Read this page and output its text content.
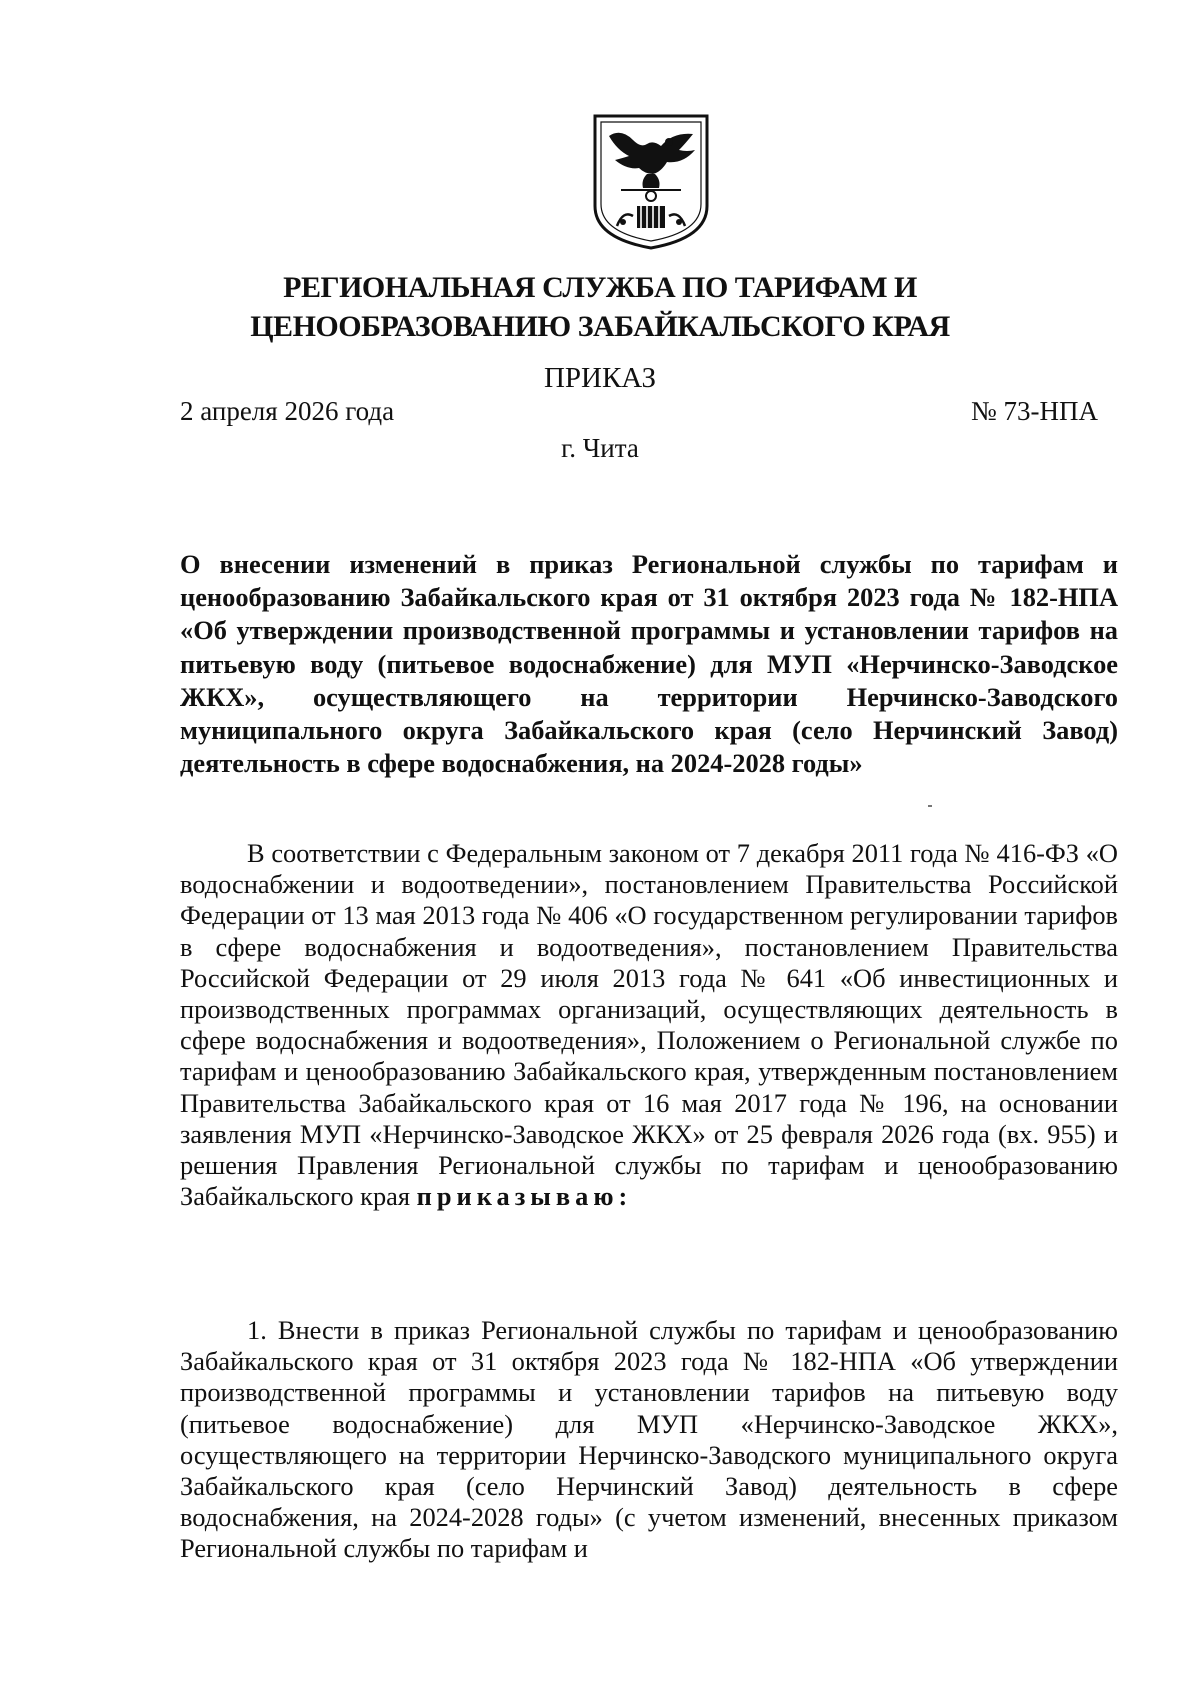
РЕГИОНАЛЬНАЯ СЛУЖБА ПО ТАРИФАМ И
ЦЕНООБРАЗОВАНИЮ ЗАБАЙКАЛЬСКОГО КРАЯ
ПРИКАЗ
2 апреля 2026 года	№ 73-НПА
г. Чита
О внесении изменений в приказ Региональной службы по тарифам и ценообразованию Забайкальского края от 31 октября 2023 года № 182-НПА «Об утверждении производственной программы и установлении тарифов на питьевую воду (питьевое водоснабжение) для МУП «Нерчинско-Заводское ЖКХ», осуществляющего на территории Нерчинско-Заводского муниципального округа Забайкальского края (село Нерчинский Завод) деятельность в сфере водоснабжения, на 2024-2028 годы»
В соответствии с Федеральным законом от 7 декабря 2011 года № 416-ФЗ «О водоснабжении и водоотведении», постановлением Правительства Российской Федерации от 13 мая 2013 года № 406 «О государственном регулировании тарифов в сфере водоснабжения и водоотведения», постановлением Правительства Российской Федерации от 29 июля 2013 года № 641 «Об инвестиционных и производственных программах организаций, осуществляющих деятельность в сфере водоснабжения и водоотведения», Положением о Региональной службе по тарифам и ценообразованию Забайкальского края, утвержденным постановлением Правительства Забайкальского края от 16 мая 2017 года № 196, на основании заявления МУП «Нерчинско-Заводское ЖКХ» от 25 февраля 2026 года (вх. 955) и решения Правления Региональной службы по тарифам и ценообразованию Забайкальского края приказываю:
1. Внести в приказ Региональной службы по тарифам и ценообразованию Забайкальского края от 31 октября 2023 года № 182-НПА «Об утверждении производственной программы и установлении тарифов на питьевую воду (питьевое водоснабжение) для МУП «Нерчинско-Заводское ЖКХ», осуществляющего на территории Нерчинско-Заводского муниципального округа Забайкальского края (село Нерчинский Завод) деятельность в сфере водоснабжения, на 2024-2028 годы» (с учетом изменений, внесенных приказом Региональной службы по тарифам и
